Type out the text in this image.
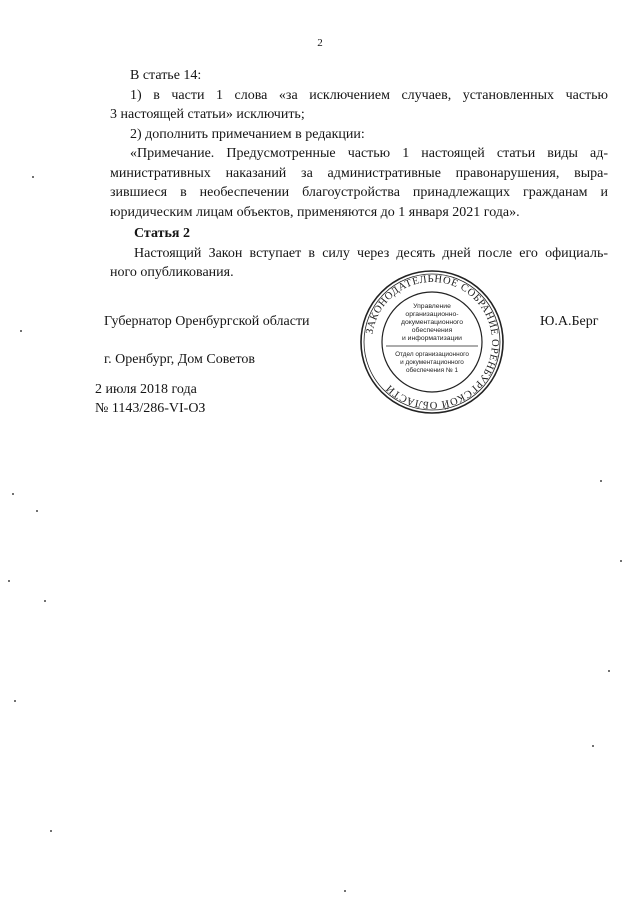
2
В статье 14:
1) в части 1 слова «за исключением случаев, установленных частью
3 настоящей статьи» исключить;
2) дополнить примечанием в редакции:
«Примечание. Предусмотренные частью 1 настоящей статьи виды ад-
министративных наказаний за административные правонарушения, выра-
зившиеся в необеспечении благоустройства принадлежащих гражданам и
юридическим лицам объектов, применяются до 1 января 2021 года».
Статья 2
Настоящий Закон вступает в силу через десять дней после его официаль-
ного опубликования.
Губернатор Оренбургской области	Ю.А.Берг
г. Оренбург, Дом Советов
2 июля 2018 года
№ 1143/286-VI-ОЗ
ЗАКОНОДАТЕЛЬНОЕ СОБРАНИЕ ОРЕНБУРГСКОЙ ОБЛАСТИ
Управление
организационно-
документационного
обеспечения
и информатизации
Отдел организационного
и документационного
обеспечения № 1
